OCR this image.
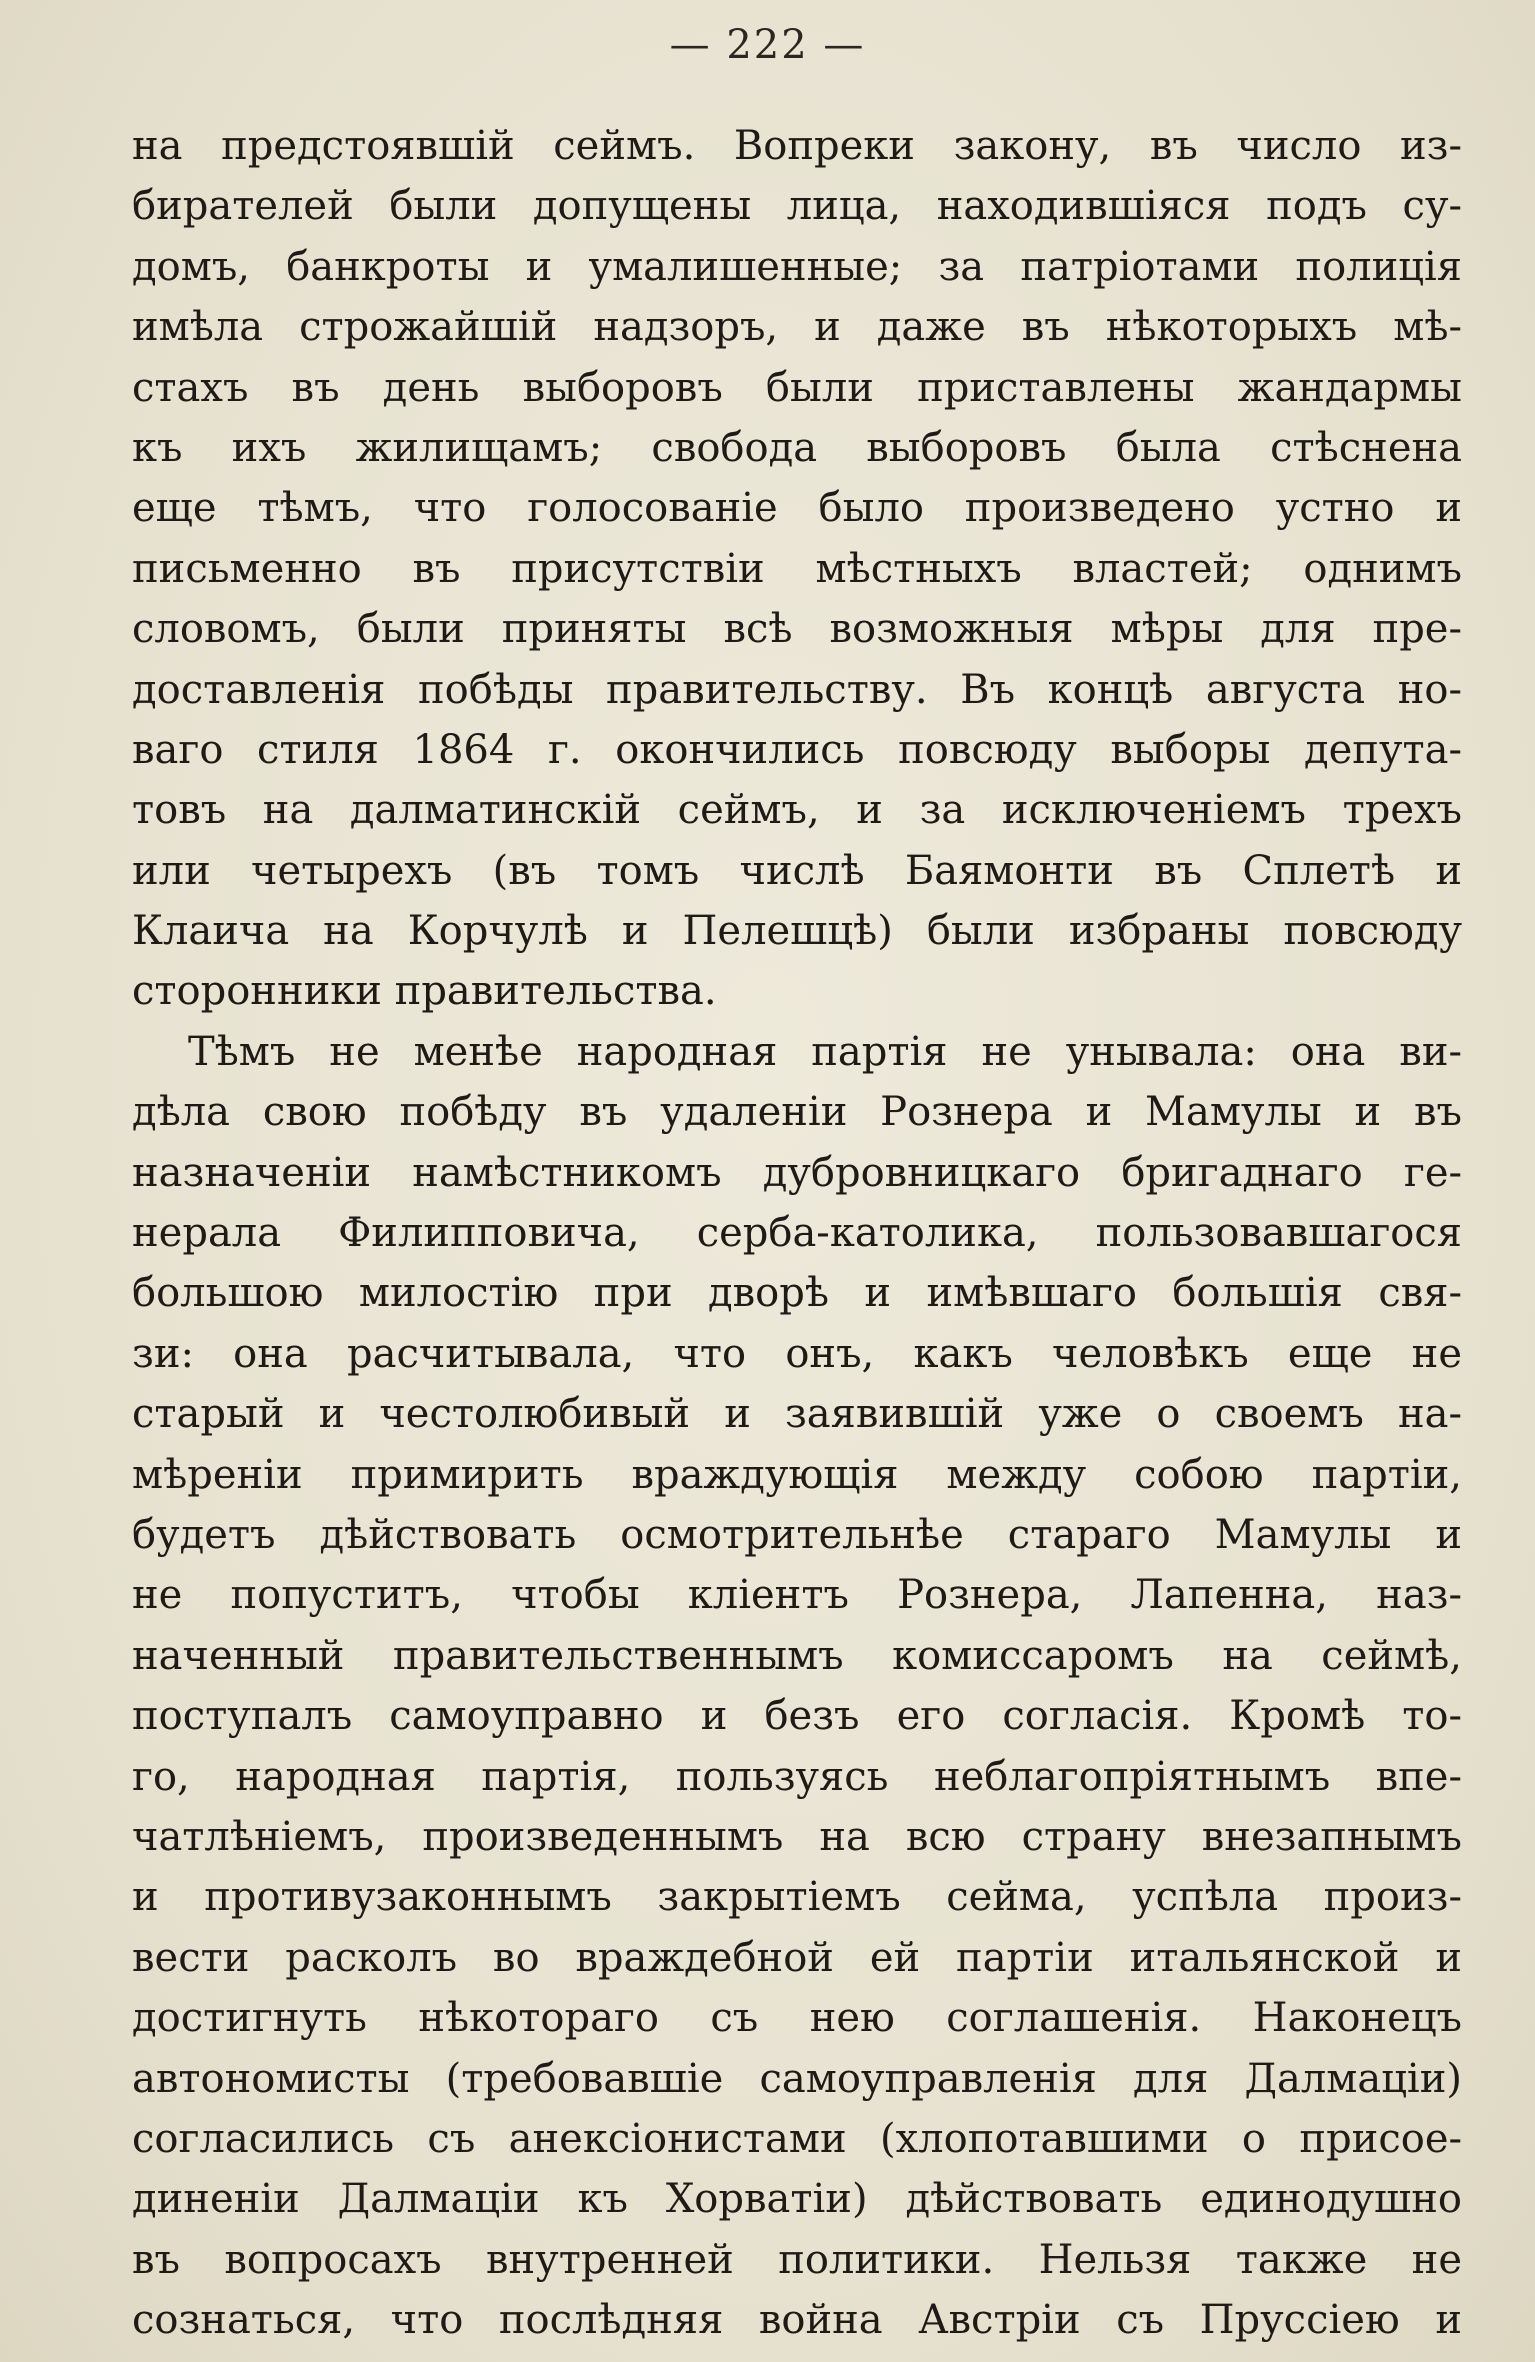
— 222 —
на предстоявшій сеймъ. Вопреки закону, въ число из-
бирателей были допущены лица, находившіяся подъ су-
домъ, банкроты и умалишенные; за патріотами полиція
имѣла строжайшій надзоръ, и даже въ нѣкоторыхъ мѣ-
стахъ въ день выборовъ были приставлены жандармы
къ ихъ жилищамъ; свобода выборовъ была стѣснена
еще тѣмъ, что голосованіе было произведено устно и
письменно въ присутствіи мѣстныхъ властей; однимъ
словомъ, были приняты всѣ возможныя мѣры для пре-
доставленія побѣды правительству. Въ концѣ августа но-
ваго стиля 1864 г. окончились повсюду выборы депута-
товъ на далматинскій сеймъ, и за исключеніемъ трехъ
или четырехъ (въ томъ числѣ Баямонти въ Сплетѣ и
Клаича на Корчулѣ и Пелешцѣ) были избраны повсюду
сторонники правительства.
Тѣмъ не менѣе народная партія не унывала: она ви-
дѣла свою побѣду въ удаленіи Рознера и Мамулы и въ
назначеніи намѣстникомъ дубровницкаго бригаднаго ге-
нерала Филипповича, серба-католика, пользовавшагося
большою милостію при дворѣ и имѣвшаго большія свя-
зи: она расчитывала, что онъ, какъ человѣкъ еще не
старый и честолюбивый и заявившій уже о своемъ на-
мѣреніи примирить враждующія между собою партіи,
будетъ дѣйствовать осмотрительнѣе стараго Мамулы и
не попуститъ, чтобы кліентъ Рознера, Лапенна, наз-
наченный правительственнымъ комиссаромъ на сеймѣ,
поступалъ самоуправно и безъ его согласія. Кромѣ то-
го, народная партія, пользуясь неблагопріятнымъ впе-
чатлѣніемъ, произведеннымъ на всю страну внезапнымъ
и противузаконнымъ закрытіемъ сейма, успѣла произ-
вести расколъ во враждебной ей партіи итальянской и
достигнуть нѣкотораго съ нею соглашенія. Наконецъ
автономисты (требовавшіе самоуправленія для Далмаціи)
согласились съ анексіонистами (хлопотавшими о присое-
диненіи Далмаціи къ Хорватіи) дѣйствовать единодушно
въ вопросахъ внутренней политики. Нельзя также не
сознаться, что послѣдняя война Австріи съ Пруссіею и
